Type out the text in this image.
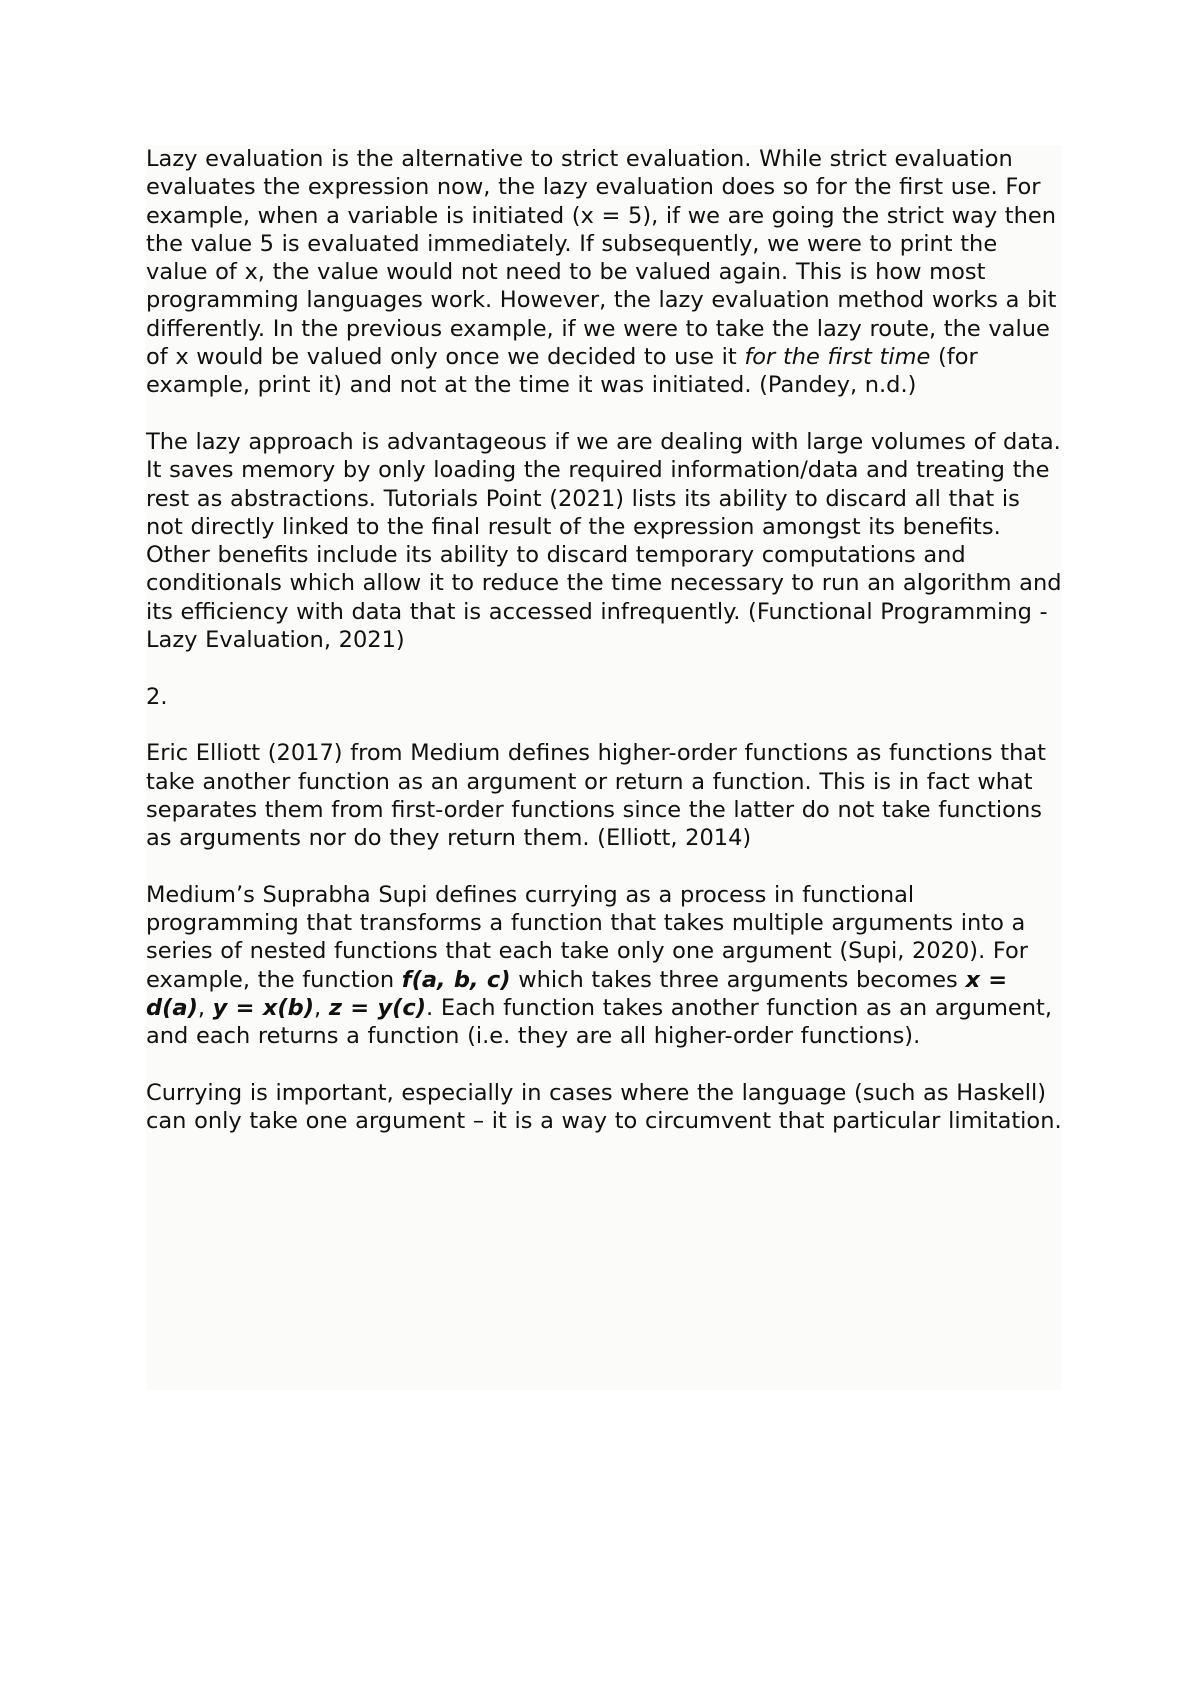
Lazy evaluation is the alternative to strict evaluation. While strict evaluation evaluates the expression now, the lazy evaluation does so for the first use. For example, when a variable is initiated (x = 5), if we are going the strict way then the value 5 is evaluated immediately. If subsequently, we were to print the value of x, the value would not need to be valued again. This is how most programming languages work. However, the lazy evaluation method works a bit differently. In the previous example, if we were to take the lazy route, the value of x would be valued only once we decided to use it for the first time (for example, print it) and not at the time it was initiated. (Pandey, n.d.)

The lazy approach is advantageous if we are dealing with large volumes of data. It saves memory by only loading the required information/data and treating the rest as abstractions. Tutorials Point (2021) lists its ability to discard all that is not directly linked to the final result of the expression amongst its benefits. Other benefits include its ability to discard temporary computations and conditionals which allow it to reduce the time necessary to run an algorithm and its efficiency with data that is accessed infrequently. (Functional Programming - Lazy Evaluation, 2021)

2.

Eric Elliott (2017) from Medium defines higher-order functions as functions that take another function as an argument or return a function. This is in fact what separates them from first-order functions since the latter do not take functions as arguments nor do they return them. (Elliott, 2014)

Medium’s Suprabha Supi defines currying as a process in functional programming that transforms a function that takes multiple arguments into a series of nested functions that each take only one argument (Supi, 2020). For example, the function f(a, b, c) which takes three arguments becomes x = d(a), y = x(b), z = y(c). Each function takes another function as an argument, and each returns a function (i.e. they are all higher-order functions).

Currying is important, especially in cases where the language (such as Haskell) can only take one argument – it is a way to circumvent that particular limitation.
